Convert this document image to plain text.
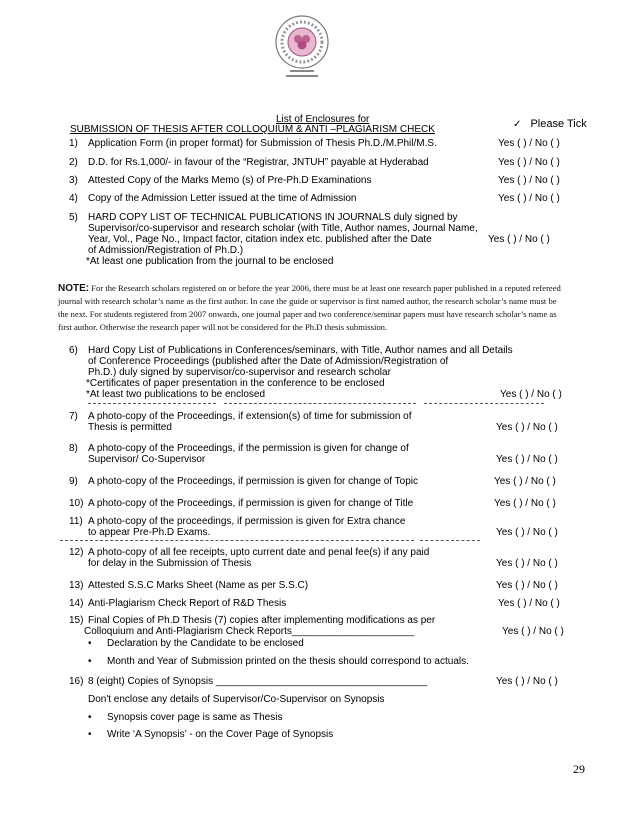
List of Enclosures for
SUBMISSION OF THESIS AFTER COLLOQUIUM & ANTI –PLAGIARISM CHECK	✓ Please Tick
1) Application Form (in proper format) for Submission of Thesis Ph.D./M.Phil/M.S.	Yes ( ) / No ( )
2) D.D. for Rs.1,000/- in favour of the “Registrar, JNTUH” payable at Hyderabad	Yes ( ) / No ( )
3) Attested Copy of the Marks Memo (s) of Pre-Ph.D Examinations	Yes ( ) / No ( )
4) Copy of the Admission Letter issued at the time of Admission	Yes ( ) / No ( )
5) HARD COPY LIST OF TECHNICAL PUBLICATIONS IN JOURNALS duly signed by
Supervisor/co-supervisor and research scholar (with Title, Author names, Journal Name,
Year, Vol., Page No., Impact factor, citation index etc. published after the Date	Yes ( ) / No ( )
of Admission/Registration of Ph.D.)
*At least one publication from the journal to be enclosed
NOTE: For the Research scholars registered on or before the year 2006, there must be at least one research paper published in a reputed refereed
journal with research scholar’s name as the first author. In case the guide or supervisor is first named author, the research scholar’s name must be
the next. For students registered from 2007 onwards, one journal paper and two conference/seminar papers must have research scholar’s name as
first author. Otherwise the research paper will not be considered for the Ph.D thesis submission.
6) Hard Copy List of Publications in Conferences/seminars, with Title, Author names and all Details
of Conference Proceedings (published after the Date of Admission/Registration of
Ph.D.) duly signed by supervisor/co-supervisor and research scholar
*Certificates of paper presentation in the conference to be enclosed
*At least two publications to be enclosed	Yes ( ) / No ( )
7) A photo-copy of the Proceedings, if extension(s) of time for submission of
Thesis is permitted	Yes ( ) / No ( )
8) A photo-copy of the Proceedings, if the permission is given for change of
Supervisor/ Co-Supervisor	Yes ( ) / No ( )
9) A photo-copy of the Proceedings, if permission is given for change of Topic	Yes ( ) / No ( )
10) A photo-copy of the Proceedings, if permission is given for change of Title	Yes ( ) / No ( )
11) A photo-copy of the proceedings, if permission is given for Extra chance
to appear Pre-Ph.D Exams.	Yes ( ) / No ( )
12) A photo-copy of all fee receipts, upto current date and penal fee(s) if any paid
for delay in the Submission of Thesis	Yes ( ) / No ( )
13) Attested S.S.C Marks Sheet (Name as per S.S.C)	Yes ( ) / No ( )
14) Anti-Plagiarism Check Report of R&D Thesis	Yes ( ) / No ( )
15) Final Copies of Ph.D Thesis (7) copies after implementing modifications as per
Colloquium and Anti-Plagiarism Check Reports______________________	Yes ( ) / No ( )
• Declaration by the Candidate to be enclosed
• Month and Year of Submission printed on the thesis should correspond to actuals.
16) 8 (eight) Copies of Synopsis ______________________________________	Yes ( ) / No ( )
Don't enclose any details of Supervisor/Co-Supervisor on Synopsis
• Synopsis cover page is same as Thesis
• Write ‘A Synopsis’ - on the Cover Page of Synopsis
29
